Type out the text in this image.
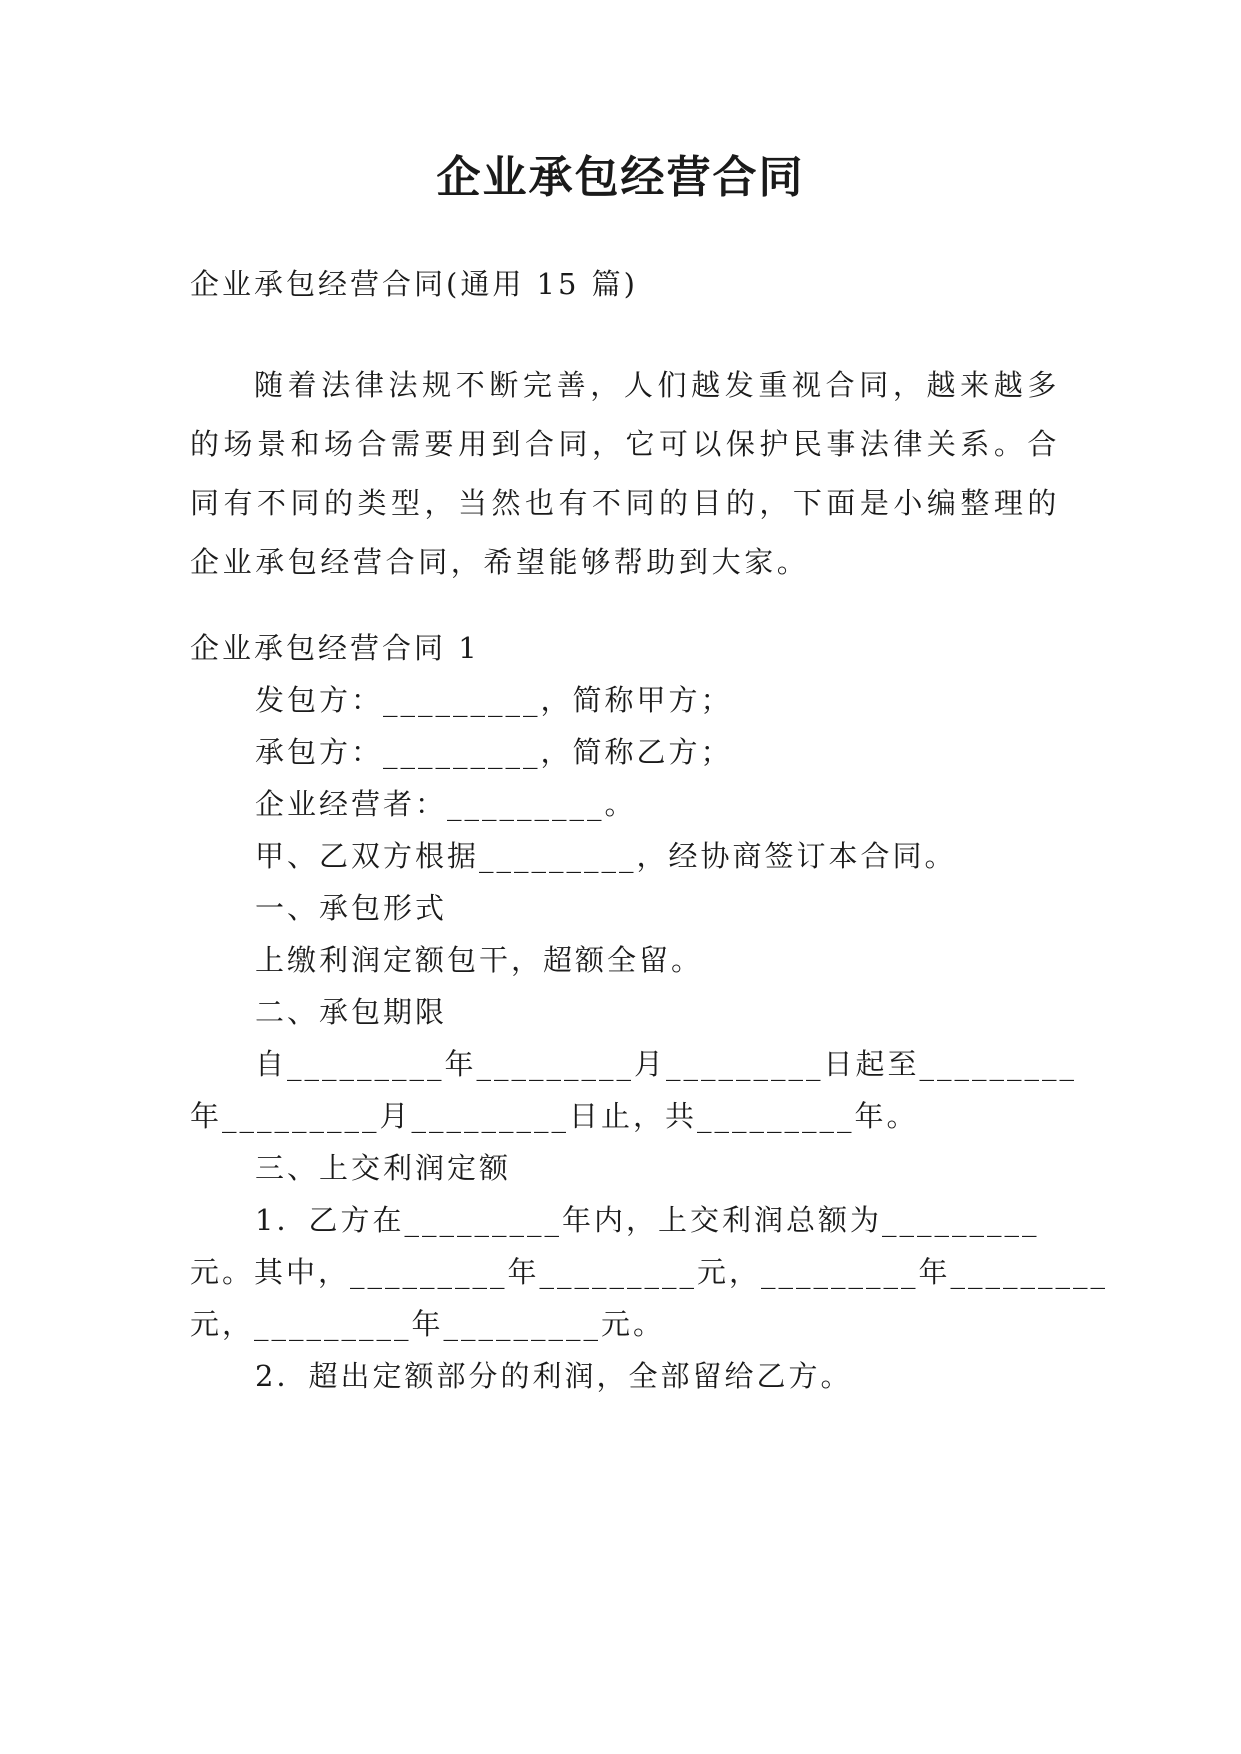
企业承包经营合同
企业承包经营合同(通用 15 篇)
随着法律法规不断完善，人们越发重视合同，越来越多的场景和场合需要用到合同，它可以保护民事法律关系。合同有不同的类型，当然也有不同的目的，下面是小编整理的企业承包经营合同，希望能够帮助到大家。
企业承包经营合同 1
发包方：_________，简称甲方；
承包方：_________，简称乙方；
企业经营者：_________。
甲、乙双方根据_________，经协商签订本合同。
一、承包形式
上缴利润定额包干，超额全留。
二、承包期限
自_________年_________月_________日起至_________
年_________月_________日止，共_________年。
三、上交利润定额
1．乙方在_________年内，上交利润总额为_________
元。其中，_________年_________元，_________年_________
元，_________年_________元。
2．超出定额部分的利润，全部留给乙方。
